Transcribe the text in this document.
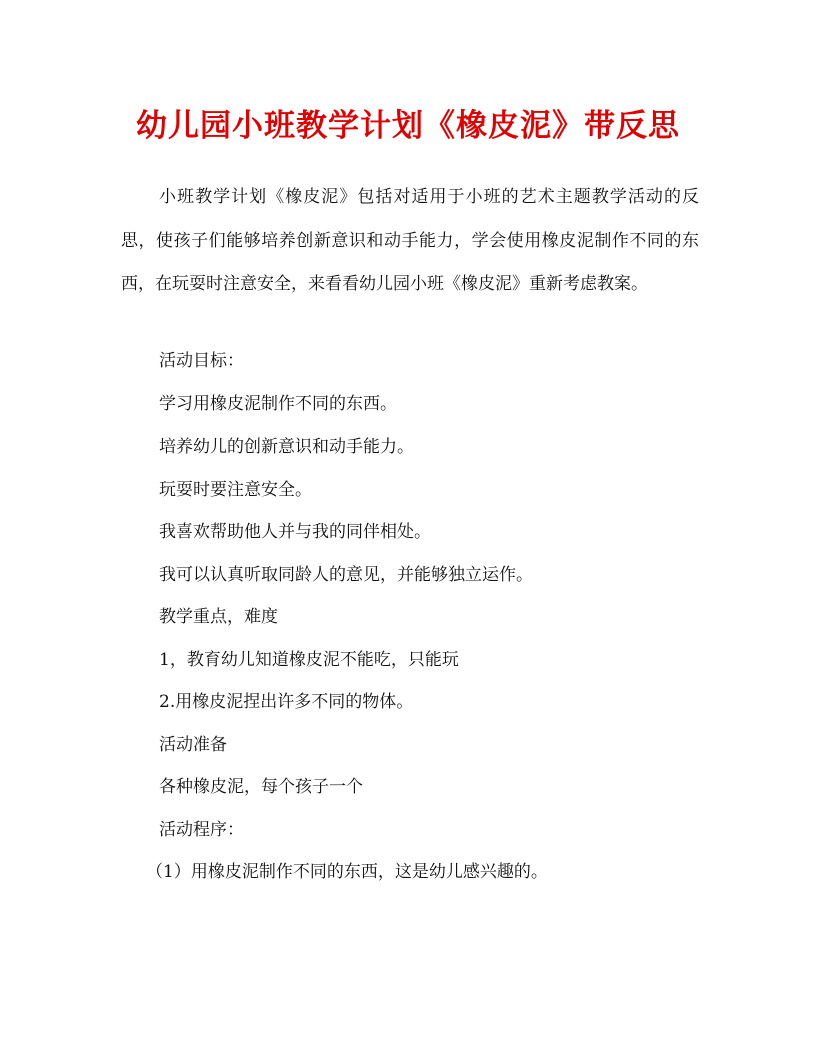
幼儿园小班教学计划《橡皮泥》带反思

小班教学计划《橡皮泥》包括对适用于小班的艺术主题教学活动的反思，使孩子们能够培养创新意识和动手能力，学会使用橡皮泥制作不同的东西，在玩耍时注意安全，来看看幼儿园小班《橡皮泥》重新考虑教案。

活动目标：

学习用橡皮泥制作不同的东西。

培养幼儿的创新意识和动手能力。

玩耍时要注意安全。

我喜欢帮助他人并与我的同伴相处。

我可以认真听取同龄人的意见，并能够独立运作。

教学重点，难度

1，教育幼儿知道橡皮泥不能吃，只能玩

2.用橡皮泥捏出许多不同的物体。

活动准备

各种橡皮泥，每个孩子一个

活动程序：

（1）用橡皮泥制作不同的东西，这是幼儿感兴趣的。
